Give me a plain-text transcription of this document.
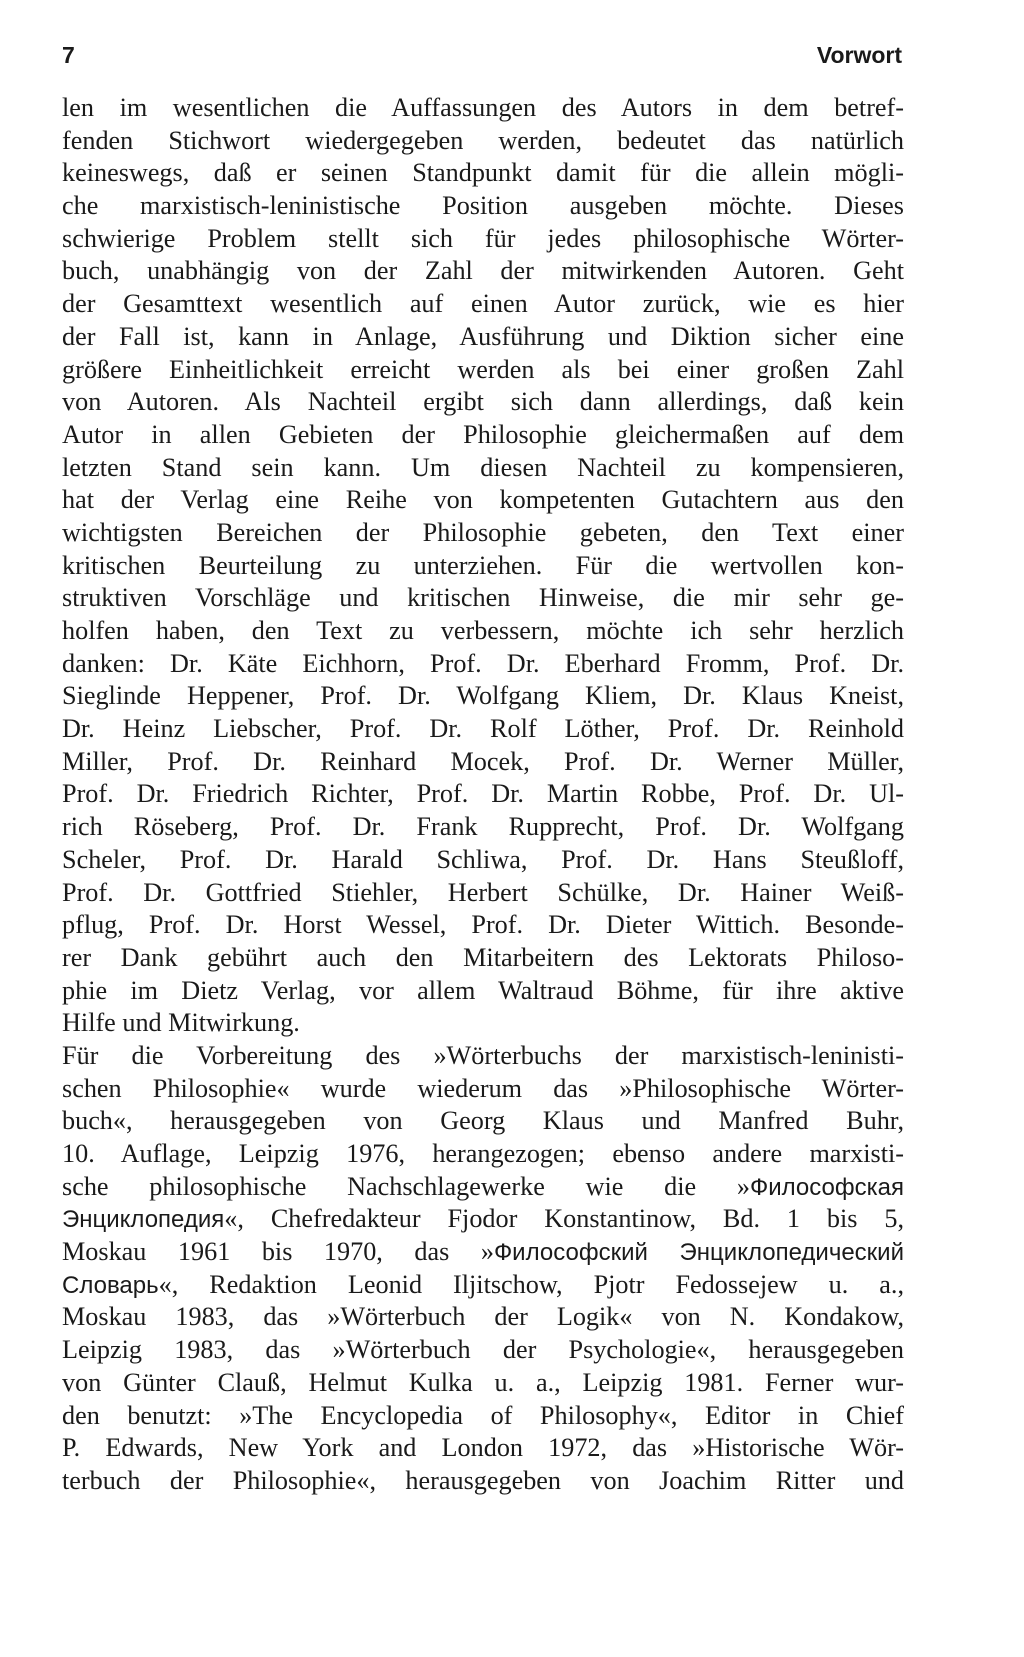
7	Vorwort
len im wesentlichen die Auffassungen des Autors in dem betref-
fenden Stichwort wiedergegeben werden, bedeutet das natürlich
keineswegs, daß er seinen Standpunkt damit für die allein mögli-
che marxistisch-leninistische Position ausgeben möchte. Dieses
schwierige Problem stellt sich für jedes philosophische Wörter-
buch, unabhängig von der Zahl der mitwirkenden Autoren. Geht
der Gesamttext wesentlich auf einen Autor zurück, wie es hier
der Fall ist, kann in Anlage, Ausführung und Diktion sicher eine
größere Einheitlichkeit erreicht werden als bei einer großen Zahl
von Autoren. Als Nachteil ergibt sich dann allerdings, daß kein
Autor in allen Gebieten der Philosophie gleichermaßen auf dem
letzten Stand sein kann. Um diesen Nachteil zu kompensieren,
hat der Verlag eine Reihe von kompetenten Gutachtern aus den
wichtigsten Bereichen der Philosophie gebeten, den Text einer
kritischen Beurteilung zu unterziehen. Für die wertvollen kon-
struktiven Vorschläge und kritischen Hinweise, die mir sehr ge-
holfen haben, den Text zu verbessern, möchte ich sehr herzlich
danken: Dr. Käte Eichhorn, Prof. Dr. Eberhard Fromm, Prof. Dr.
Sieglinde Heppener, Prof. Dr. Wolfgang Kliem, Dr. Klaus Kneist,
Dr. Heinz Liebscher, Prof. Dr. Rolf Löther, Prof. Dr. Reinhold
Miller, Prof. Dr. Reinhard Mocek, Prof. Dr. Werner Müller,
Prof. Dr. Friedrich Richter, Prof. Dr. Martin Robbe, Prof. Dr. Ul-
rich Röseberg, Prof. Dr. Frank Rupprecht, Prof. Dr. Wolfgang
Scheler, Prof. Dr. Harald Schliwa, Prof. Dr. Hans Steußloff,
Prof. Dr. Gottfried Stiehler, Herbert Schülke, Dr. Hainer Weiß-
pflug, Prof. Dr. Horst Wessel, Prof. Dr. Dieter Wittich. Besonde-
rer Dank gebührt auch den Mitarbeitern des Lektorats Philoso-
phie im Dietz Verlag, vor allem Waltraud Böhme, für ihre aktive
Hilfe und Mitwirkung.
Für die Vorbereitung des »Wörterbuchs der marxistisch-leninisti-
schen Philosophie« wurde wiederum das »Philosophische Wörter-
buch«, herausgegeben von Georg Klaus und Manfred Buhr,
10. Auflage, Leipzig 1976, herangezogen; ebenso andere marxisti-
sche philosophische Nachschlagewerke wie die »Философская
Энциклопедия«, Chefredakteur Fjodor Konstantinow, Bd. 1 bis 5,
Moskau 1961 bis 1970, das »Философский Энциклопедический
Словарь«, Redaktion Leonid Iljitschow, Pjotr Fedossejew u. a.,
Moskau 1983, das »Wörterbuch der Logik« von N. Kondakow,
Leipzig 1983, das »Wörterbuch der Psychologie«, herausgegeben
von Günter Clauß, Helmut Kulka u. a., Leipzig 1981. Ferner wur-
den benutzt: »The Encyclopedia of Philosophy«, Editor in Chief
P. Edwards, New York and London 1972, das »Historische Wör-
terbuch der Philosophie«, herausgegeben von Joachim Ritter und
